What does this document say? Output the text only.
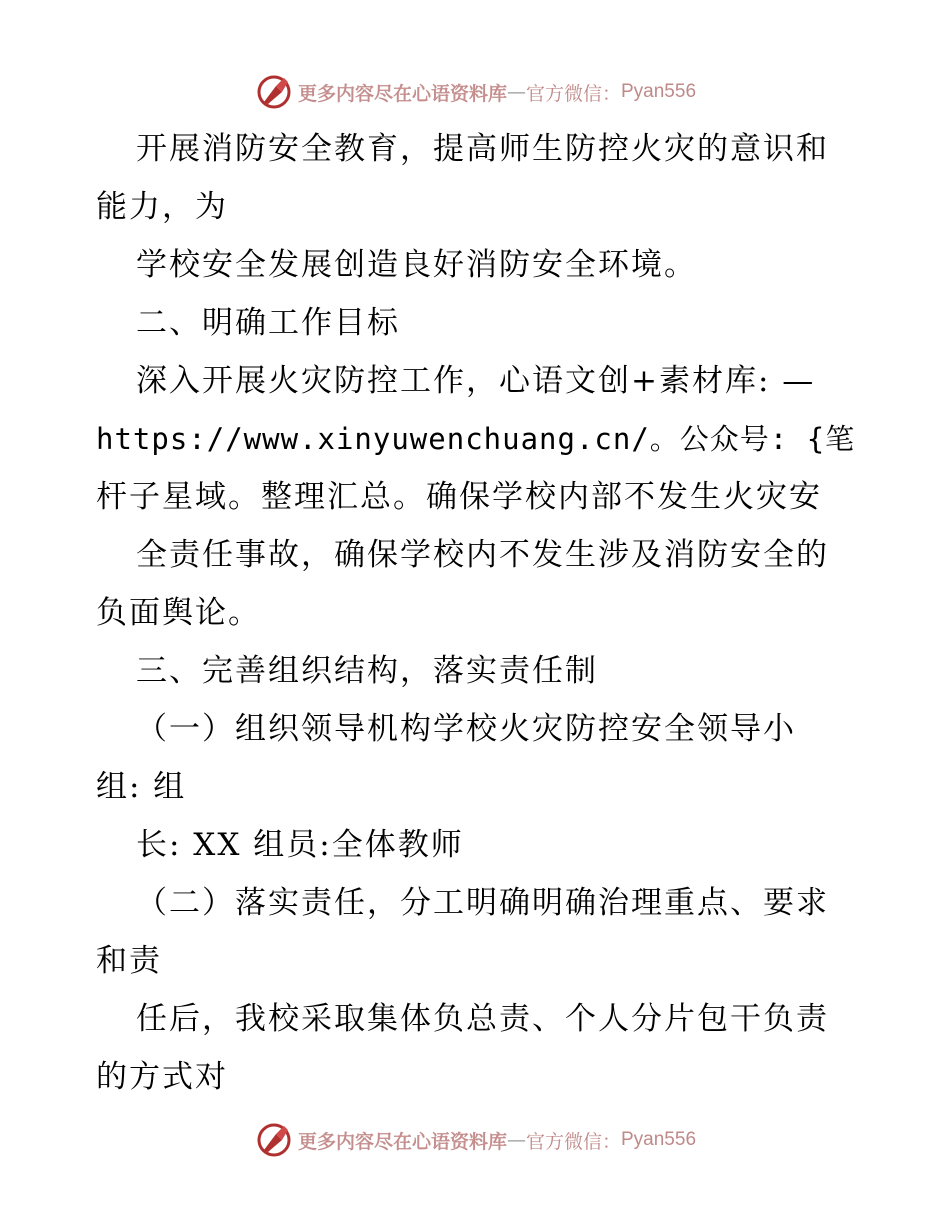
更多内容尽在心语资料库 — 官方微信： Pyan556
开展消防安全教育，提高师生防控火灾的意识和
能力，为
学校安全发展创造良好消防安全环境。
二、明确工作目标
深入开展火灾防控工作，心语文创+素材库: —
https://www.xinyuwenchuang.cn/。公众号: {笔
杆子星域。整理汇总。确保学校内部不发生火灾安
全责任事故，确保学校内不发生涉及消防安全的
负面舆论。
三、完善组织结构，落实责任制
（一）组织领导机构学校火灾防控安全领导小
组: 组
长: XX 组员:全体教师
（二）落实责任，分工明确明确治理重点、要求
和责
任后，我校采取集体负总责、个人分片包干负责
的方式对
更多内容尽在心语资料库 — 官方微信： Pyan556
